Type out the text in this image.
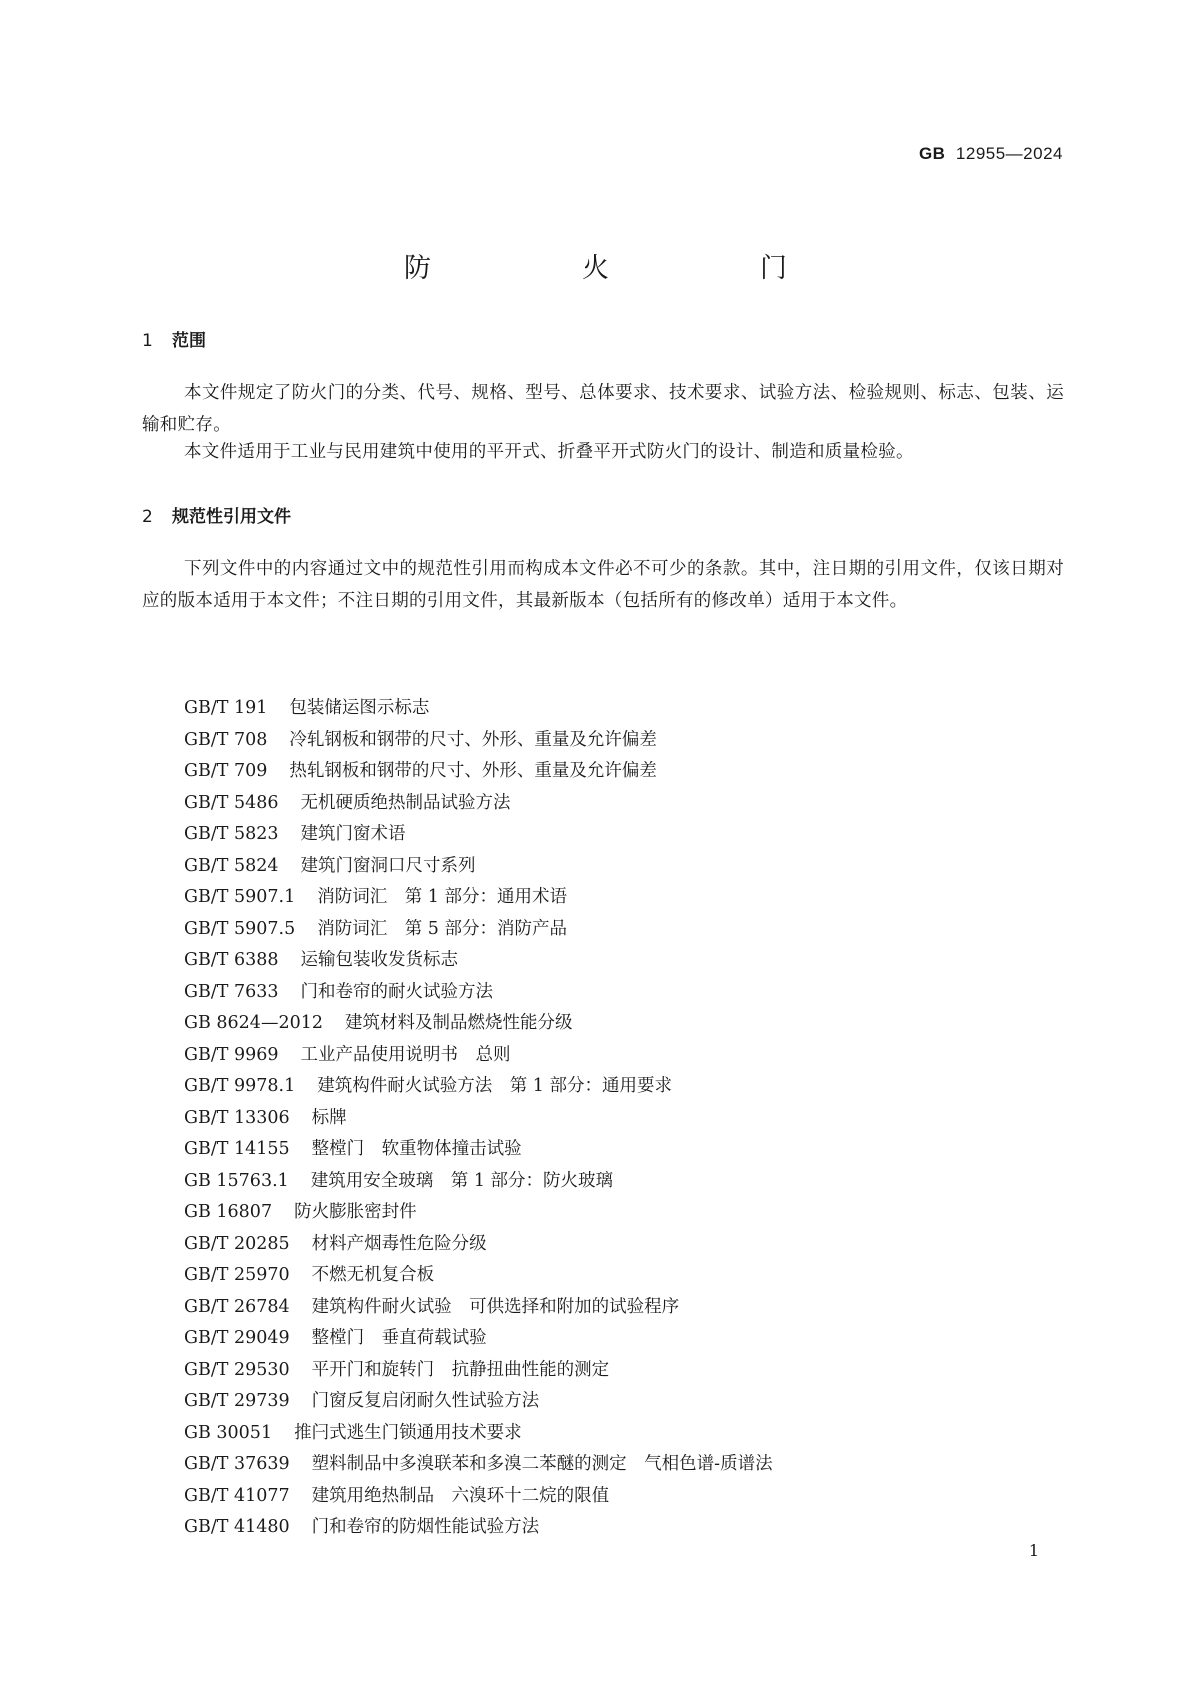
GB 12955—2024
防　火　门
1 范围

本文件规定了防火门的分类、代号、规格、型号、总体要求、技术要求、试验方法、检验规则、标志、包装、运输和贮存。

本文件适用于工业与民用建筑中使用的平开式、折叠平开式防火门的设计、制造和质量检验。

2 规范性引用文件

下列文件中的内容通过文中的规范性引用而构成本文件必不可少的条款。其中，注日期的引用文件，仅该日期对应的版本适用于本文件；不注日期的引用文件，其最新版本（包括所有的修改单）适用于本文件。

GB/T 191 包装储运图示标志
GB/T 708 冷轧钢板和钢带的尺寸、外形、重量及允许偏差
GB/T 709 热轧钢板和钢带的尺寸、外形、重量及允许偏差
GB/T 5486 无机硬质绝热制品试验方法
GB/T 5823 建筑门窗术语
GB/T 5824 建筑门窗洞口尺寸系列
GB/T 5907.1 消防词汇　第 1 部分：通用术语
GB/T 5907.5 消防词汇　第 5 部分：消防产品
GB/T 6388 运输包装收发货标志
GB/T 7633 门和卷帘的耐火试验方法
GB 8624—2012 建筑材料及制品燃烧性能分级
GB/T 9969 工业产品使用说明书　总则
GB/T 9978.1 建筑构件耐火试验方法　第 1 部分：通用要求
GB/T 13306 标牌
GB/T 14155 整樘门　软重物体撞击试验
GB 15763.1 建筑用安全玻璃　第 1 部分：防火玻璃
GB 16807 防火膨胀密封件
GB/T 20285 材料产烟毒性危险分级
GB/T 25970 不燃无机复合板
GB/T 26784 建筑构件耐火试验　可供选择和附加的试验程序
GB/T 29049 整樘门　垂直荷载试验
GB/T 29530 平开门和旋转门　抗静扭曲性能的测定
GB/T 29739 门窗反复启闭耐久性试验方法
GB 30051 推闩式逃生门锁通用技术要求
GB/T 37639 塑料制品中多溴联苯和多溴二苯醚的测定　气相色谱-质谱法
GB/T 41077 建筑用绝热制品　六溴环十二烷的限值
GB/T 41480 门和卷帘的防烟性能试验方法
1
